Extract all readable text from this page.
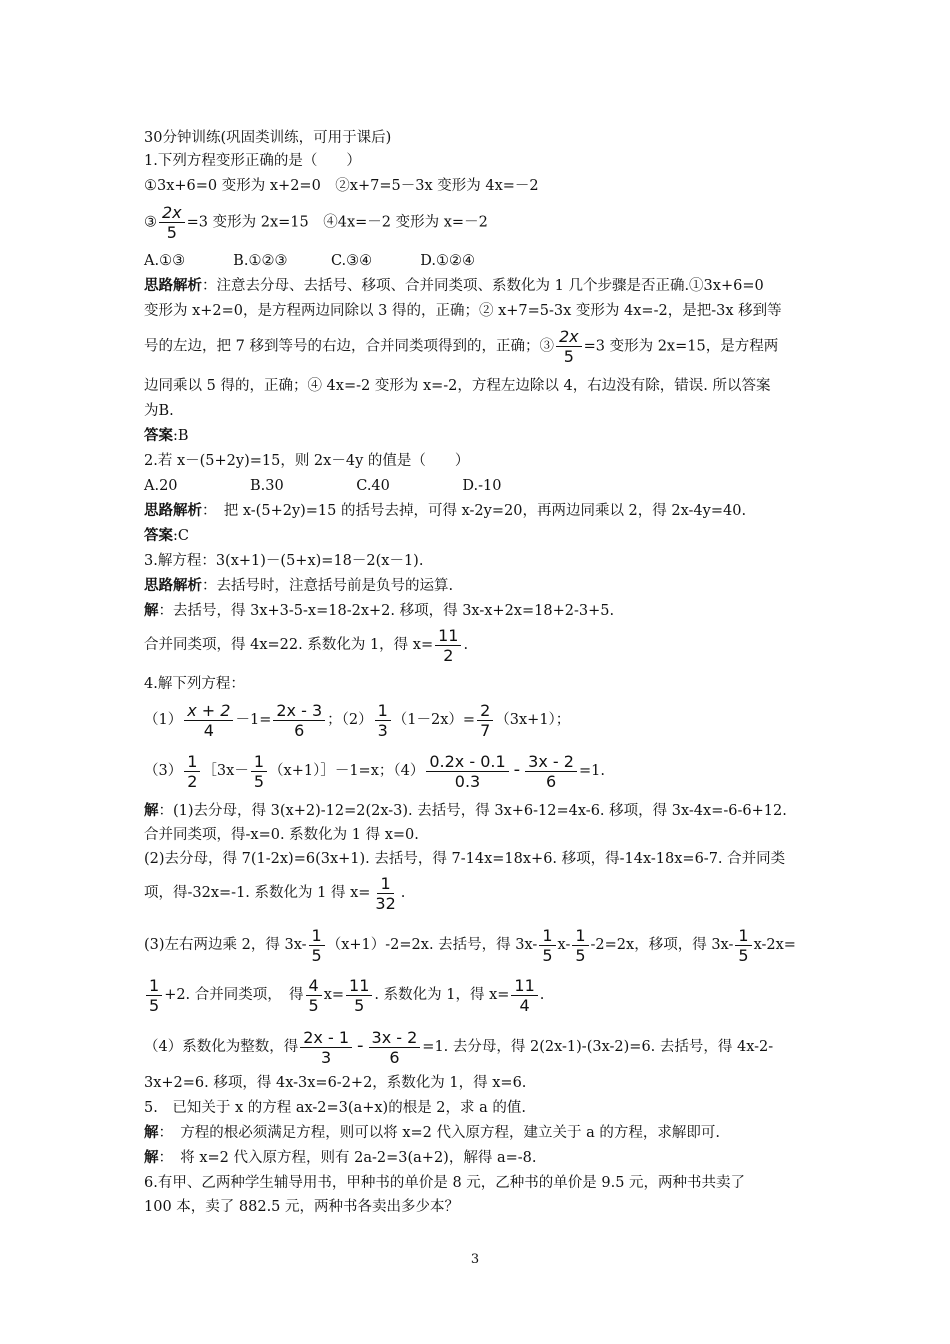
30分钟训练(巩固类训练，可用于课后)
1.下列方程变形正确的是（　　）
①3x+6=0 变形为 x+2=0　②x+7=5－3x 变形为 4x=－2
③ $\frac{2x}{5} =3$ 变形为 2x=15　④4x=－2 变形为 x=－2
A.①③　　　 B.①②③　　　C.③④　　　 D.①②④
思路解析：注意去分母、去括号、移项、合并同类项、系数化为 1 几个步骤是否正确.①3x+6=0
变形为 x+2=0，是方程两边同除以 3 得的，正确；② x+7=5-3x 变形为 4x=-2，是把-3x 移到等
号的左边，把 7 移到等号的右边，合并同类项得到的，正确；③ $\frac{2x}{5} =3$ 变形为 2x=15，是方程两
边同乘以 5 得的，正确；④ 4x=-2 变形为 x=-2，方程左边除以 4，右边没有除，错误. 所以答案
为B.
答案:B
2.若 x－(5+2y)=15，则 2x－4y 的值是（　　）
A.20　　　　　B.30　　　　　C.40　　　　　D.-10
思路解析：　把 x-(5+2y)=15 的括号去掉，可得 x-2y=20，再两边同乘以 2，得 2x-4y=40.
答案:C
3.解方程：3(x+1)－(5+x)=18－2(x－1).
思路解析：去括号时，注意括号前是负号的运算.
解：去括号，得 3x+3-5-x=18-2x+2. 移项，得 3x-x+2x=18+2-3+5.
合并同类项，得 4x=22. 系数化为 1，得 $x= \frac{11}{2}$ .
4.解下列方程：
$(1) \frac{x + 2}{4} -1= \frac{2x - 3}{6}$ ；$(2) \frac{1}{3} (1-2x)= \frac{2}{7} (3x+1)$；
$(3) \frac{1}{2}$ ［3x－ $\frac{1}{5}$ （x+1）］－1=x；$(4) \frac{0.2x - 0.1}{0.3} - \frac{3x - 2}{6} =1$.
解：(1)去分母，得 3(x+2)-12=2(2x-3). 去括号，得 3x+6-12=4x-6. 移项，得 3x-4x=-6-6+12.
合并同类项，得-x=0. 系数化为 1 得 x=0.
(2)去分母，得 7(1-2x)=6(3x+1). 去括号，得 7-14x=18x+6. 移项，得-14x-18x=6-7. 合并同类
项，得-32x=-1. 系数化为 1 得 $x= \frac{1}{32}$ .
(3)左右两边乘 2，得 $3x- \frac{1}{5} (x+1)-2=2x$. 去括号，得 $3x- \frac{1}{5} x- \frac{1}{5} -2=2x$，移项，得 $3x- \frac{1}{5} x-2x=$
$\frac{1}{5} +2$. 合并同类项，　得 $\frac{4}{5} x= \frac{11}{5}$ . 系数化为 1，得 $x= \frac{11}{4}$ .
（4）系数化为整数，得 $\frac{2x - 1}{3} - \frac{3x - 2}{6} =1$. 去分母，得 2(2x-1)-(3x-2)=6. 去括号，得 4x-2-
3x+2=6. 移项，得 4x-3x=6-2+2，系数化为 1，得 x=6.
5.　已知关于 x 的方程 ax-2=3(a+x)的根是 2，求 a 的值.
解：　方程的根必须满足方程，则可以将 x=2 代入原方程，建立关于 a 的方程，求解即可.
解：　将 x=2 代入原方程，则有 2a-2=3(a+2)，解得 a=-8.
6.有甲、乙两种学生辅导用书，甲种书的单价是 8 元，乙种书的单价是 9.5 元，两种书共卖了
100 本，卖了 882.5 元，两种书各卖出多少本？
3
